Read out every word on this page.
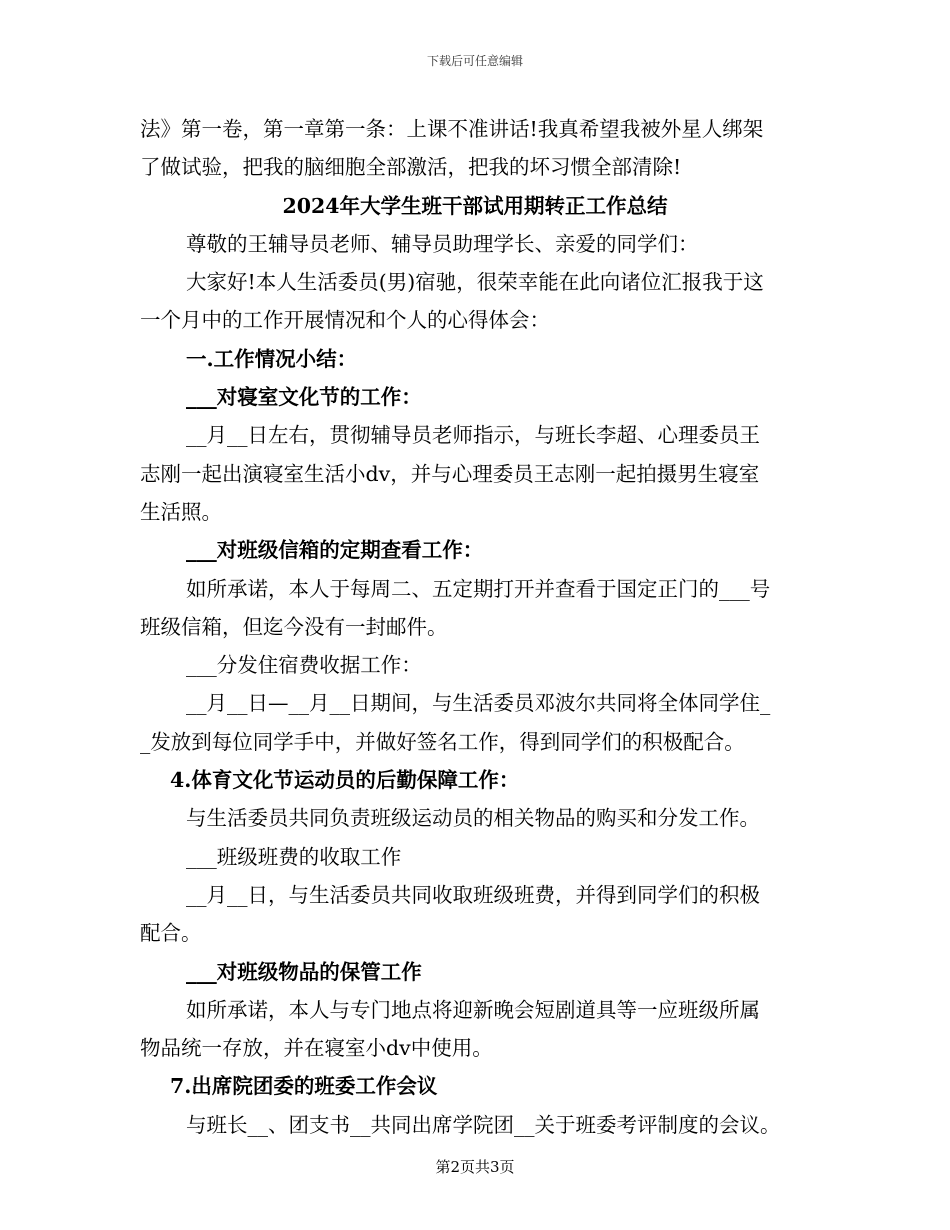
下载后可任意编辑
法》第一卷，第一章第一条：上课不准讲话!我真希望我被外星人绑架
了做试验，把我的脑细胞全部激活，把我的坏习惯全部清除!
2024年大学生班干部试用期转正工作总结
尊敬的王辅导员老师、辅导员助理学长、亲爱的同学们：
大家好!本人生活委员(男)宿驰，很荣幸能在此向诸位汇报我于这
一个月中的工作开展情况和个人的心得体会：
一.工作情况小结：
___对寝室文化节的工作：
__月__日左右，贯彻辅导员老师指示，与班长李超、心理委员王
志刚一起出演寝室生活小dv，并与心理委员王志刚一起拍摄男生寝室
生活照。
___对班级信箱的定期查看工作：
如所承诺，本人于每周二、五定期打开并查看于国定正门的___号
班级信箱，但迄今没有一封邮件。
___分发住宿费收据工作：
__月__日—__月__日期间，与生活委员邓波尔共同将全体同学住_
_发放到每位同学手中，并做好签名工作，得到同学们的积极配合。
4.体育文化节运动员的后勤保障工作：
与生活委员共同负责班级运动员的相关物品的购买和分发工作。
___班级班费的收取工作
__月__日，与生活委员共同收取班级班费，并得到同学们的积极
配合。
___对班级物品的保管工作
如所承诺，本人与专门地点将迎新晚会短剧道具等一应班级所属
物品统一存放，并在寝室小dv中使用。
7.出席院团委的班委工作会议
与班长__、团支书__共同出席学院团__关于班委考评制度的会议。
第2页共3页
